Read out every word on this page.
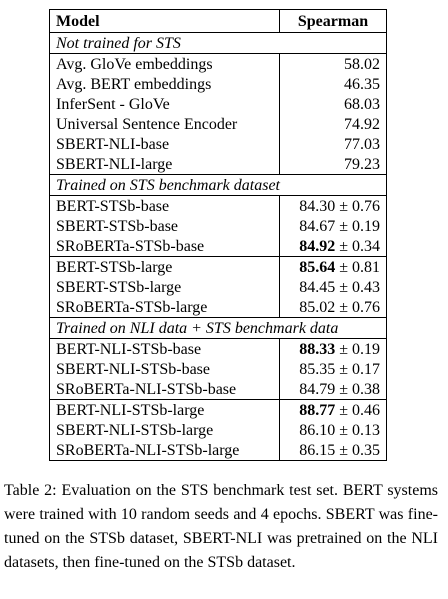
Model	Spearman
Not trained for STS	
Avg. GloVe embeddings	58.02
Avg. BERT embeddings	46.35
InferSent - GloVe	68.03
Universal Sentence Encoder	74.92
SBERT-NLI-base	77.03
SBERT-NLI-large	79.23
Trained on STS benchmark dataset	
BERT-STSb-base	84.30 ± 0.76
SBERT-STSb-base	84.67 ± 0.19
SRoBERTa-STSb-base	84.92 ± 0.34
BERT-STSb-large	85.64 ± 0.81
SBERT-STSb-large	84.45 ± 0.43
SRoBERTa-STSb-large	85.02 ± 0.76
Trained on NLI data + STS benchmark data	
BERT-NLI-STSb-base	88.33 ± 0.19
SBERT-NLI-STSb-base	85.35 ± 0.17
SRoBERTa-NLI-STSb-base	84.79 ± 0.38
BERT-NLI-STSb-large	88.77 ± 0.46
SBERT-NLI-STSb-large	86.10 ± 0.13
SRoBERTa-NLI-STSb-large	86.15 ± 0.35

Table 2: Evaluation on the STS benchmark test set. BERT systems were trained with 10 random seeds and 4 epochs. SBERT was fine-tuned on the STSb dataset, SBERT-NLI was pretrained on the NLI datasets, then fine-tuned on the STSb dataset.
